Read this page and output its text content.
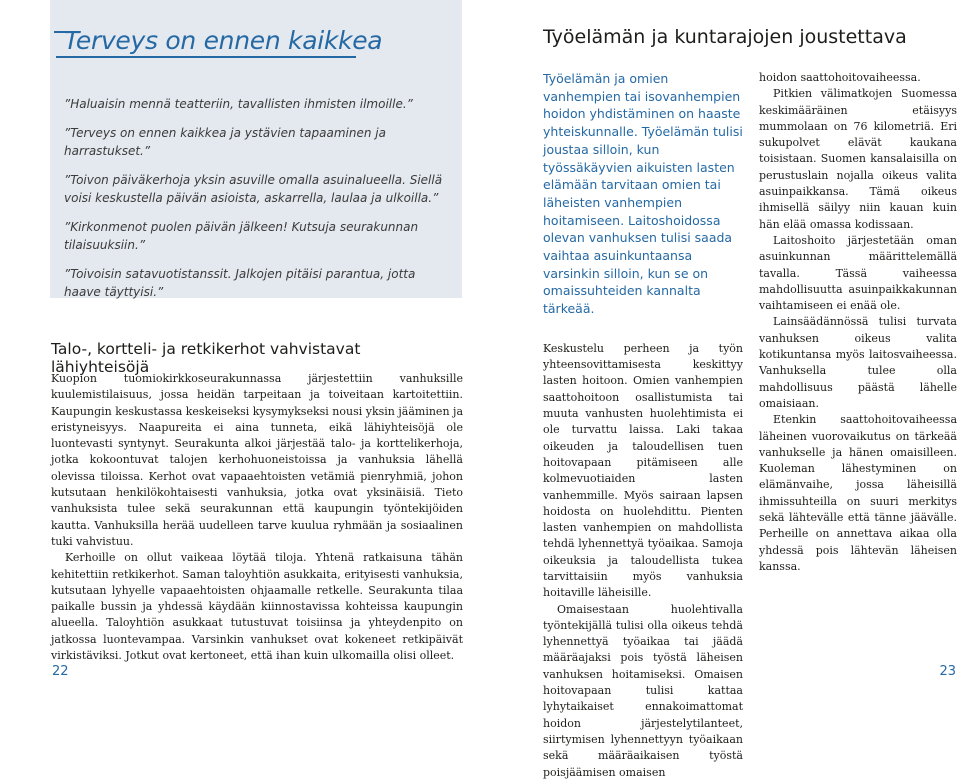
Terveys on ennen kaikkea

”Haluaisin mennä teatteriin, tavallisten ihmisten ilmoille.”

”Terveys on ennen kaikkea ja ystävien tapaaminen ja harrastukset.”

”Toivon päiväkerhoja yksin asuville omalla asuinalueella. Siellä voisi keskustella päivän asioista, askarrella, laulaa ja ulkoilla.”

”Kirkonmenot puolen päivän jälkeen! Kutsuja seurakunnan tilaisuuksiin.”

”Toivoisin satavuotistanssit. Jalkojen pitäisi parantua, jotta haave täyttyisi.”

Talo-, kortteli- ja retkikerhot vahvistavat lähiyhteisöjä

Kuopion tuomiokirkkoseurakunnassa järjestettiin vanhuksille kuulemistilaisuus, jossa heidän tarpeitaan ja toiveitaan kartoitettiin. Kaupungin keskustassa keskeiseksi kysymykseksi nousi yksin jääminen ja eristyneisyys. Naapureita ei aina tunneta, eikä lähiyhteisöjä ole luontevasti syntynyt. Seurakunta alkoi järjestää talo- ja korttelikerhoja, jotka kokoontuvat talojen kerhohuoneistoissa ja vanhuksia lähellä olevissa tiloissa. Kerhot ovat vapaaehtoisten vetämiä pienryhmiä, johon kutsutaan henkilökohtaisesti vanhuksia, jotka ovat yksinäisiä. Tieto vanhuksista tulee sekä seurakunnan että kaupungin työntekijöiden kautta. Vanhuksilla herää uudelleen tarve kuulua ryhmään ja sosiaalinen tuki vahvistuu.

Kerhoille on ollut vaikeaa löytää tiloja. Yhtenä ratkaisuna tähän kehitettiin retkikerhot. Saman taloyhtiön asukkaita, erityisesti vanhuksia, kutsutaan lyhyelle vapaaehtoisten ohjaamalle retkelle. Seurakunta tilaa paikalle bussin ja yhdessä käydään kiinnostavissa kohteissa kaupungin alueella. Taloyhtiön asukkaat tutustuvat toisiinsa ja yhteydenpito on jatkossa luontevampaa. Varsinkin vanhukset ovat kokeneet retkipäivät virkistäviksi. Jotkut ovat kertoneet, että ihan kuin ulkomailla olisi olleet.

22
Työelämän ja kuntarajojen joustettava

Työelämän ja omien vanhempien tai isovanhempien hoidon yhdistäminen on haaste yhteiskunnalle. Työelämän tulisi joustaa silloin, kun työssäkäyvien aikuisten lasten elämään tarvitaan omien tai läheisten vanhempien hoitamiseen. Laitoshoidossa olevan vanhuksen tulisi saada vaihtaa asuinkuntaansa varsinkin silloin, kun se on omaissuhteiden kannalta tärkeää.

Keskustelu perheen ja työn yhteensovittamisesta keskittyy lasten hoitoon. Omien vanhempien saattohoitoon osallistumista tai muuta vanhusten huolehtimista ei ole turvattu laissa. Laki takaa oikeuden ja taloudellisen tuen hoitovapaan pitämiseen alle kolmevuotiaiden lasten vanhemmille. Myös sairaan lapsen hoidosta on huolehdittu. Pienten lasten vanhempien on mahdollista tehdä lyhennettyä työaikaa. Samoja oikeuksia ja taloudellista tukea tarvittaisiin myös vanhuksia hoitaville läheisille.

Omaisestaan huolehtivalla työntekijällä tulisi olla oikeus tehdä lyhennettyä työaikaa tai jäädä määräajaksi pois työstä läheisen vanhuksen hoitamiseksi. Omaisen hoitovapaan tulisi kattaa lyhytaikaiset ennakoimattomat hoidon järjestelytilanteet, siirtymisen lyhennettyyn työaikaan sekä määräaikaisen työstä poisjäämisen omaisen

hoidon saattohoitovaiheessa.

Pitkien välimatkojen Suomessa keskimääräinen etäisyys mummolaan on 76 kilometriä. Eri sukupolvet elävät kaukana toisistaan. Suomen kansalaisilla on perustuslain nojalla oikeus valita asuinpaikkansa. Tämä oikeus ihmisellä säilyy niin kauan kuin hän elää omassa kodissaan.

Laitoshoito järjestetään oman asuinkunnan määrittelemällä tavalla. Tässä vaiheessa mahdollisuutta asuinpaikkakunnan vaihtamiseen ei enää ole.

Lainsäädännössä tulisi turvata vanhuksen oikeus valita kotikuntansa myös laitosvaiheessa. Vanhuksella tulee olla mahdollisuus päästä lähelle omaisiaan.

Etenkin saattohoitovaiheessa läheinen vuorovaikutus on tärkeää vanhukselle ja hänen omaisilleen. Kuoleman lähestyminen on elämänvaihe, jossa läheisillä ihmissuhteilla on suuri merkitys sekä lähtevälle että tänne jäävälle. Perheille on annettava aikaa olla yhdessä pois lähtevän läheisen kanssa.

23
